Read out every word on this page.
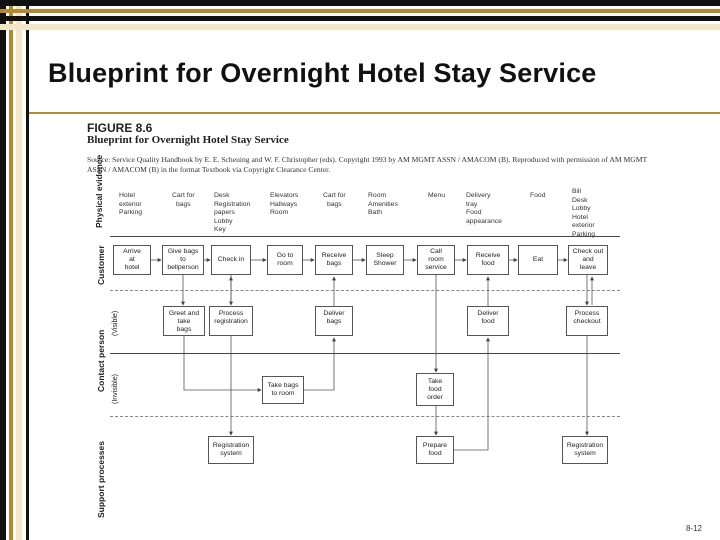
Blueprint for Overnight Hotel Stay Service
FIGURE 8.6
Blueprint for Overnight Hotel Stay Service
Source: Service Quality Handbook by E. E. Scheuing and W. F. Christopher (eds). Copyright 1993 by AM MGMT ASSN / AMACOM (B). Reproduced with permission of AM MGMT ASSN / AMACOM (B) in the format Textbook via Copyright Clearance Center.
Physical evidence
Customer
Contact person
(Visible)
(Invisible)
Support processes
Hotel
exterior
Parking
Cart for
bags
Desk
Registration
papers
Lobby
Key
Elevators
Hallways
Room
Cart for
bags
Room
Amenities
Bath
Menu	Delivery
tray
Food
appearance
Food
Bill
Desk
Lobby
Hotel
exterior
Parking
Arrive
at
hotel
Give bags
to
bellperson
Check in
Go to
room
Receive
bags
Sleep
Shower
Call
room
service
Receive
food
Eat
Check out
and
leave
Greet and
take
bags
Process
registration
Deliver
bags
Deliver
food
Process
checkout
Take bags
to room
Take
food
order
Registration
system
Prepare
food
Registration
system
8-12
